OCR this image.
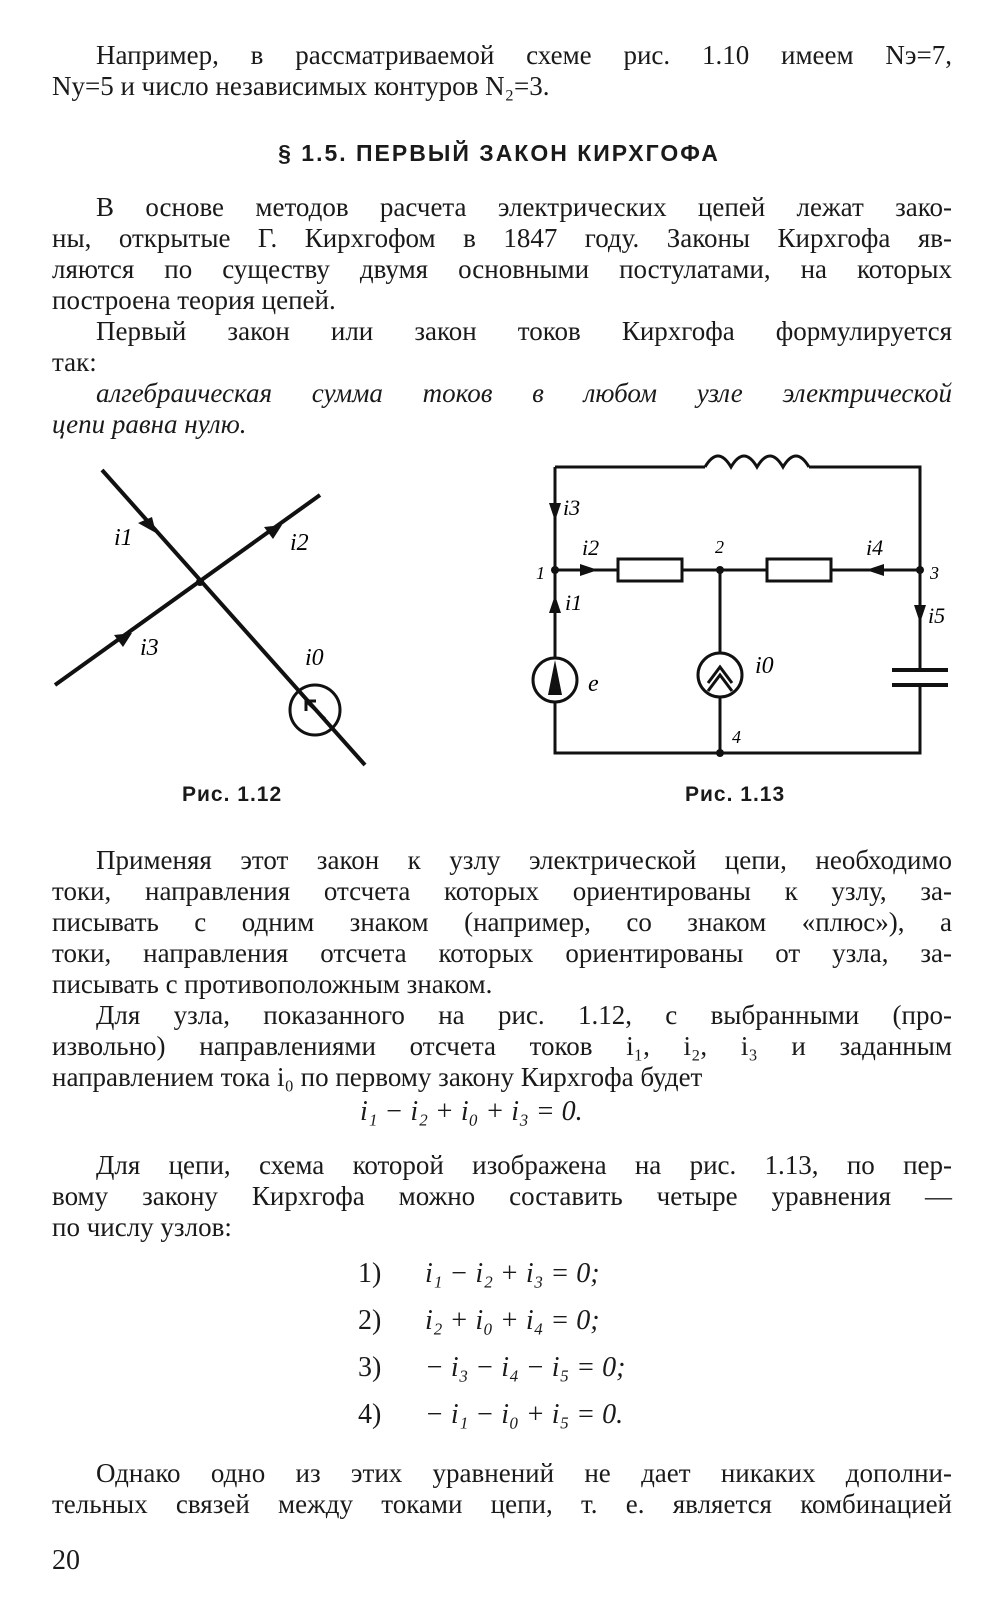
Например, в рассматриваемой схеме рис. 1.10 имеем Nэ=7,
Nу=5 и число независимых контуров N₂=3.
§ 1.5. ПЕРВЫЙ ЗАКОН КИРХГОФА
В основе методов расчета электрических цепей лежат зако-
ны, открытые Г. Кирхгофом в 1847 году. Законы Кирхгофа яв-
ляются по существу двумя основными постулатами, на которых
построена теория цепей.
Первый закон или закон токов Кирхгофа формулируется
так:
алгебраическая сумма токов в любом узле электрической
цепи равна нулю.
i1	i2
i3	i0
Рис. 1.12
i3
i2	i4
i1
i5
i0
e
1
2
3
4
Рис. 1.13
Применяя этот закон к узлу электрической цепи, необходимо
токи, направления отсчета которых ориентированы к узлу, за-
писывать с одним знаком (например, со знаком «плюс»), а
токи, направления отсчета которых ориентированы от узла, за-
писывать с противоположным знаком.
Для узла, показанного на рис. 1.12, с выбранными (про-
извольно) направлениями отсчета токов i₁, i₂, i₃ и заданным
направлением тока i₀ по первому закону Кирхгофа будет
i₁ − i₂ + i₀ + i₃ = 0.
Для цепи, схема которой изображена на рис. 1.13, по пер-
вому закону Кирхгофа можно составить четыре уравнения —
по числу узлов:
1) i₁ − i₂ + i₃ = 0;
2) i₂ + i₀ + i₄ = 0;
3) − i₃ − i₄ − i₅ = 0;
4) − i₁ − i₀ + i₅ = 0.
Однако одно из этих уравнений не дает никаких дополни-
тельных связей между токами цепи, т. е. является комбинацией
20
